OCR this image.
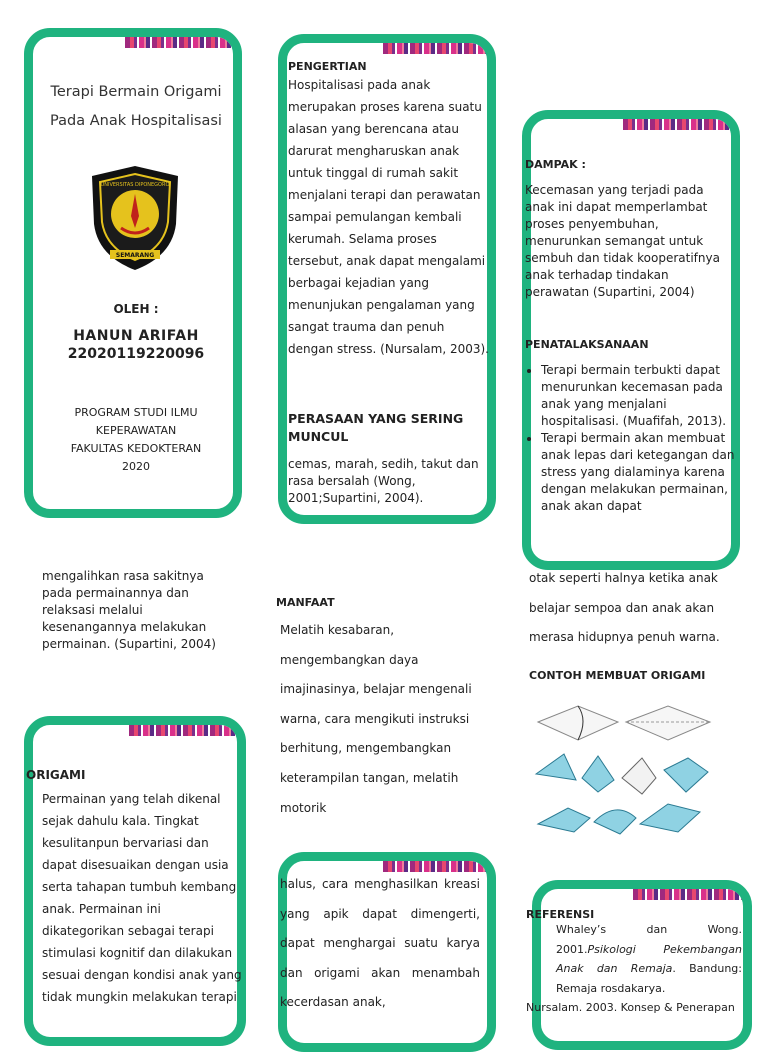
Terapi Bermain Origami
Pada Anak Hospitalisasi
SEMARANG
UNIVERSITAS DIPONEGORO
OLEH :
HANUN ARIFAH
22020119220096
PROGRAM STUDI ILMU
KEPERAWATAN
FAKULTAS KEDOKTERAN
2020
PENGERTIAN

Hospitalisasi pada anak merupakan proses karena suatu alasan yang berencana atau darurat mengharuskan anak untuk tinggal di rumah sakit menjalani terapi dan perawatan sampai pemulangan kembali kerumah. Selama proses tersebut, anak dapat mengalami berbagai kejadian yang menunjukan pengalaman yang sangat trauma dan penuh dengan stress. (Nursalam, 2003).

PERASAAN YANG SERING MUNCUL

cemas, marah, sedih, takut dan rasa bersalah (Wong, 2001;Supartini, 2004).

DAMPAK :

Kecemasan yang terjadi pada anak ini dapat memperlambat proses penyembuhan, menurunkan semangat untuk sembuh dan tidak kooperatifnya anak terhadap tindakan perawatan (Supartini, 2004)

PENATALAKSANAAN
• Terapi bermain terbukti dapat menurunkan kecemasan pada anak yang menjalani hospitalisasi. (Muafifah, 2013).
• Terapi bermain akan membuat anak lepas dari ketegangan dan stress yang dialaminya karena dengan melakukan permainan, anak akan dapat

mengalihkan rasa sakitnya pada permainannya dan relaksasi melalui kesenangannya melakukan permainan. (Supartini, 2004)

MANFAAT

Melatih kesabaran, mengembangkan daya imajinasinya, belajar mengenali warna, cara mengikuti instruksi berhitung, mengembangkan keterampilan tangan, melatih motorik

otak seperti halnya ketika anak belajar sempoa dan anak akan merasa hidupnya penuh warna.

CONTOH MEMBUAT ORIGAMI
ORIGAMI

Permainan yang telah dikenal sejak dahulu kala. Tingkat kesulitanpun bervariasi dan dapat disesuaikan dengan usia serta tahapan tumbuh kembang anak. Permainan ini dikategorikan sebagai terapi stimulasi kognitif dan dilakukan sesuai dengan kondisi anak yang tidak mungkin melakukan terapi

halus, cara menghasilkan kreasi yang apik dapat dimengerti, dapat menghargai suatu karya dan origami akan menambah kecerdasan anak,

REFERENSI
Whaley’s dan Wong. 2001.Psikologi Pekembangan Anak dan Remaja. Bandung: Remaja rosdakarya.
Nursalam. 2003. Konsep & Penerapan
